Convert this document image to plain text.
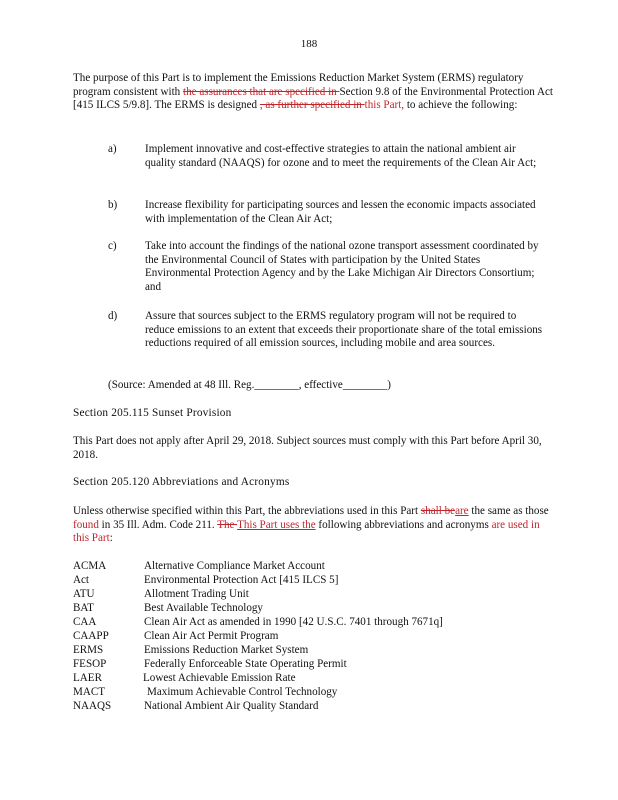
188
The purpose of this Part is to implement the Emissions Reduction Market System (ERMS) regulatory program consistent with the assurances that are specified in Section 9.8 of the Environmental Protection Act [415 ILCS 5/9.8]. The ERMS is designed , as further specified in this Part, to achieve the following:
a)	Implement innovative and cost-effective strategies to attain the national ambient air quality standard (NAAQS) for ozone and to meet the requirements of the Clean Air Act;
b)	Increase flexibility for participating sources and lessen the economic impacts associated with implementation of the Clean Air Act;
c)	Take into account the findings of the national ozone transport assessment coordinated by the Environmental Council of States with participation by the United States Environmental Protection Agency and by the Lake Michigan Air Directors Consortium; and
d)	Assure that sources subject to the ERMS regulatory program will not be required to reduce emissions to an extent that exceeds their proportionate share of the total emissions reductions required of all emission sources, including mobile and area sources.
(Source: Amended at 48 Ill. Reg.________, effective________)
Section 205.115 Sunset Provision
This Part does not apply after April 29, 2018. Subject sources must comply with this Part before April 30, 2018.
Section 205.120 Abbreviations and Acronyms
Unless otherwise specified within this Part, the abbreviations used in this Part shall beare the same as those found in 35 Ill. Adm. Code 211. The This Part uses the following abbreviations and acronyms are used in this Part:
ACMA	Alternative Compliance Market Account
Act	Environmental Protection Act [415 ILCS 5]
ATU	Allotment Trading Unit
BAT	Best Available Technology
CAA	Clean Air Act as amended in 1990 [42 U.S.C. 7401 through 7671q]
CAAPP	Clean Air Act Permit Program
ERMS	Emissions Reduction Market System
FESOP	Federally Enforceable State Operating Permit
LAER	Lowest Achievable Emission Rate
MACT	Maximum Achievable Control Technology
NAAQS	National Ambient Air Quality Standard
